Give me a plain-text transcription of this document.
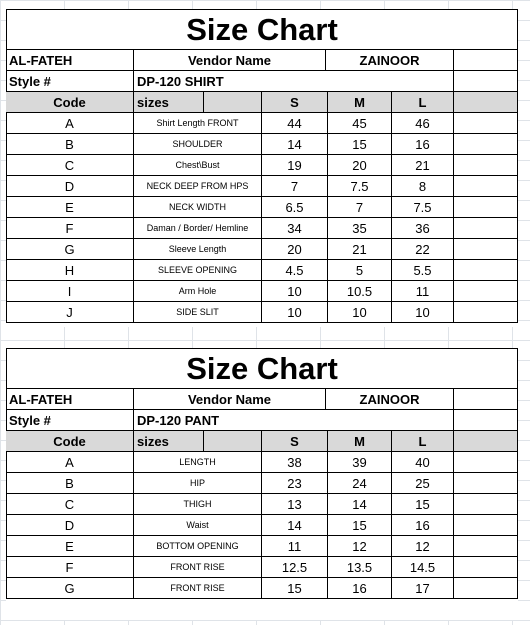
Size Chart
AL-FATEH	Vendor Name	ZAINOOR
Style #	DP-120 SHIRT
Code	sizes	S	M	L
A	Shirt Length FRONT	44	45	46
B	SHOULDER	14	15	16
C	Chest\Bust	19	20	21
D	NECK DEEP FROM HPS	7	7.5	8
E	NECK WIDTH	6.5	7	7.5
F	Daman / Border/ Hemline	34	35	36
G	Sleeve Length	20	21	22
H	SLEEVE OPENING	4.5	5	5.5
I	Arm Hole	10	10.5	11
J	SIDE SLIT	10	10	10
Size Chart
AL-FATEH	Vendor Name	ZAINOOR
Style #	DP-120 PANT
Code	sizes	S	M	L
A	LENGTH	38	39	40
B	HIP	23	24	25
C	THIGH	13	14	15
D	Waist	14	15	16
E	BOTTOM OPENING	11	12	12
F	FRONT RISE	12.5	13.5	14.5
G	FRONT RISE	15	16	17
